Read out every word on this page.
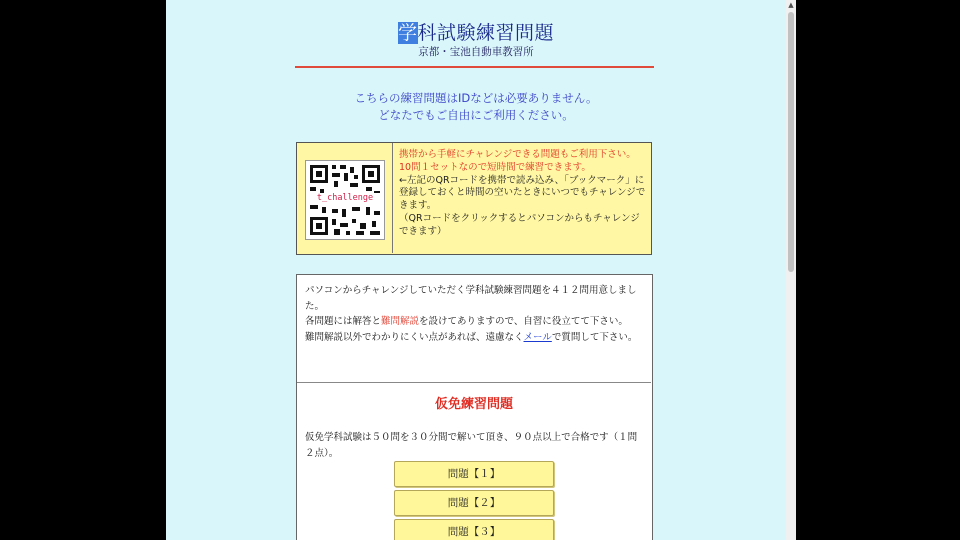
学科試験練習問題
京都・宝池自動車教習所
こちらの練習問題はIDなどは必要ありません。
どなたでもご自由にご利用ください。
t_challenge
携帯から手軽にチャレンジできる問題もご利用下さい。
10問１セットなので短時間で練習できます。
←左記のQRコードを携帯で読み込み、「ブックマーク」に登録しておくと時間の空いたときにいつでもチャレンジできます。
（QRコードをクリックするとパソコンからもチャレンジできます）
パソコンからチャレンジしていただく学科試験練習問題を４１２問用意しました。
各問題には解答と難問解説を設けてありますので、自習に役立てて下さい。
難問解説以外でわかりにくい点があれば、遠慮なくメールで質問して下さい。
仮免練習問題
仮免学科試験は５０問を３０分間で解いて頂き、９０点以上で合格です（１問２点）。
問題【１】
問題【２】
問題【３】
▲
